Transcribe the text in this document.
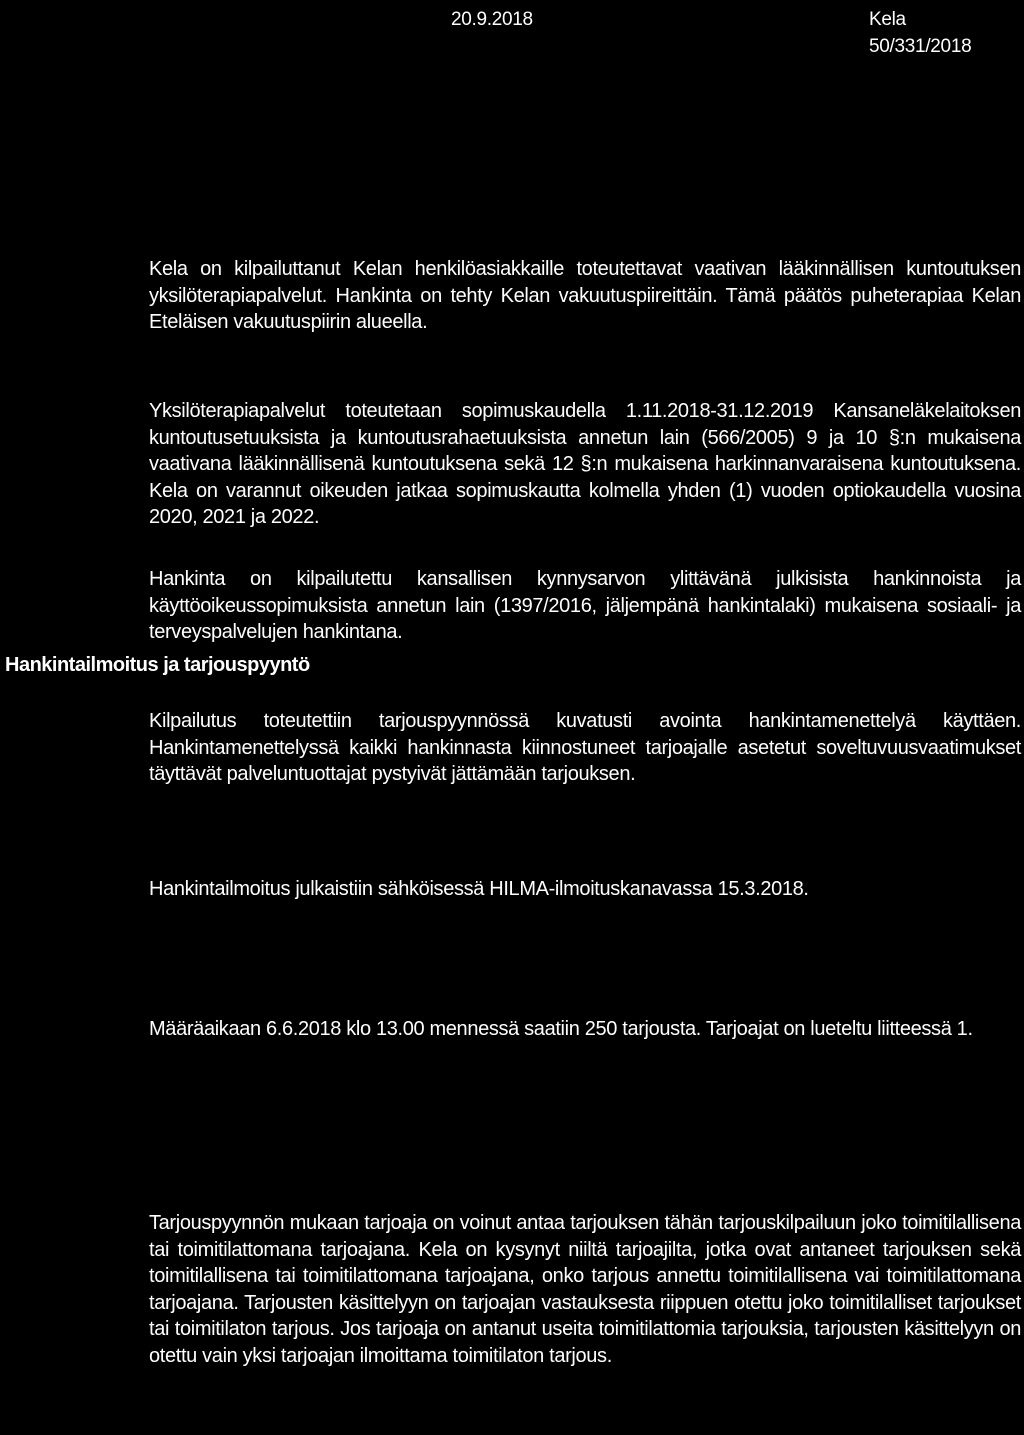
20.9.2018	Kela
50/331/2018

Kela on kilpailuttanut Kelan henkilöasiakkaille toteutettavat vaativan lääkinnällisen kuntoutuksen yksilöterapiapalvelut. Hankinta on tehty Kelan vakuutuspiireittäin. Tämä päätös puheterapiaa Kelan Eteläisen vakuutuspiirin alueella.

Yksilöterapiapalvelut toteutetaan sopimuskaudella 1.11.2018-31.12.2019 Kansaneläkelaitoksen kuntoutusetuuksista ja kuntoutusrahaetuuksista annetun lain (566/2005) 9 ja 10 §:n mukaisena vaativana lääkinnällisenä kuntoutuksena sekä 12 §:n mukaisena harkinnanvaraisena kuntoutuksena. Kela on varannut oikeuden jatkaa sopimuskautta kolmella yhden (1) vuoden optiokaudella vuosina 2020, 2021 ja 2022.

Hankinta on kilpailutettu kansallisen kynnysarvon ylittävänä julkisista hankinnoista ja käyttöoikeussopimuksista annetun lain (1397/2016, jäljempänä hankintalaki) mukaisena sosiaali- ja terveyspalvelujen hankintana.

Hankintailmoitus ja tarjouspyyntö

Kilpailutus toteutettiin tarjouspyynnössä kuvatusti avointa hankintamenettelyä käyttäen. Hankintamenettelyssä kaikki hankinnasta kiinnostuneet tarjoajalle asetetut soveltuvuusvaatimukset täyttävät palveluntuottajat pystyivät jättämään tarjouksen.

Hankintailmoitus julkaistiin sähköisessä HILMA-ilmoituskanavassa 15.3.2018.

Määräaikaan 6.6.2018 klo 13.00 mennessä saatiin 250 tarjousta. Tarjoajat on lueteltu liitteessä 1.

Tarjouspyynnön mukaan tarjoaja on voinut antaa tarjouksen tähän tarjouskilpailuun joko toimitilallisena tai toimitilattomana tarjoajana. Kela on kysynyt niiltä tarjoajilta, jotka ovat antaneet tarjouksen sekä toimitilallisena tai toimitilattomana tarjoajana, onko tarjous annettu toimitilallisena vai toimitilattomana tarjoajana. Tarjousten käsittelyyn on tarjoajan vastauksesta riippuen otettu joko toimitilalliset tarjoukset tai toimitilaton tarjous. Jos tarjoaja on antanut useita toimitilattomia tarjouksia, tarjousten käsittelyyn on otettu vain yksi tarjoajan ilmoittama toimitilaton tarjous.
